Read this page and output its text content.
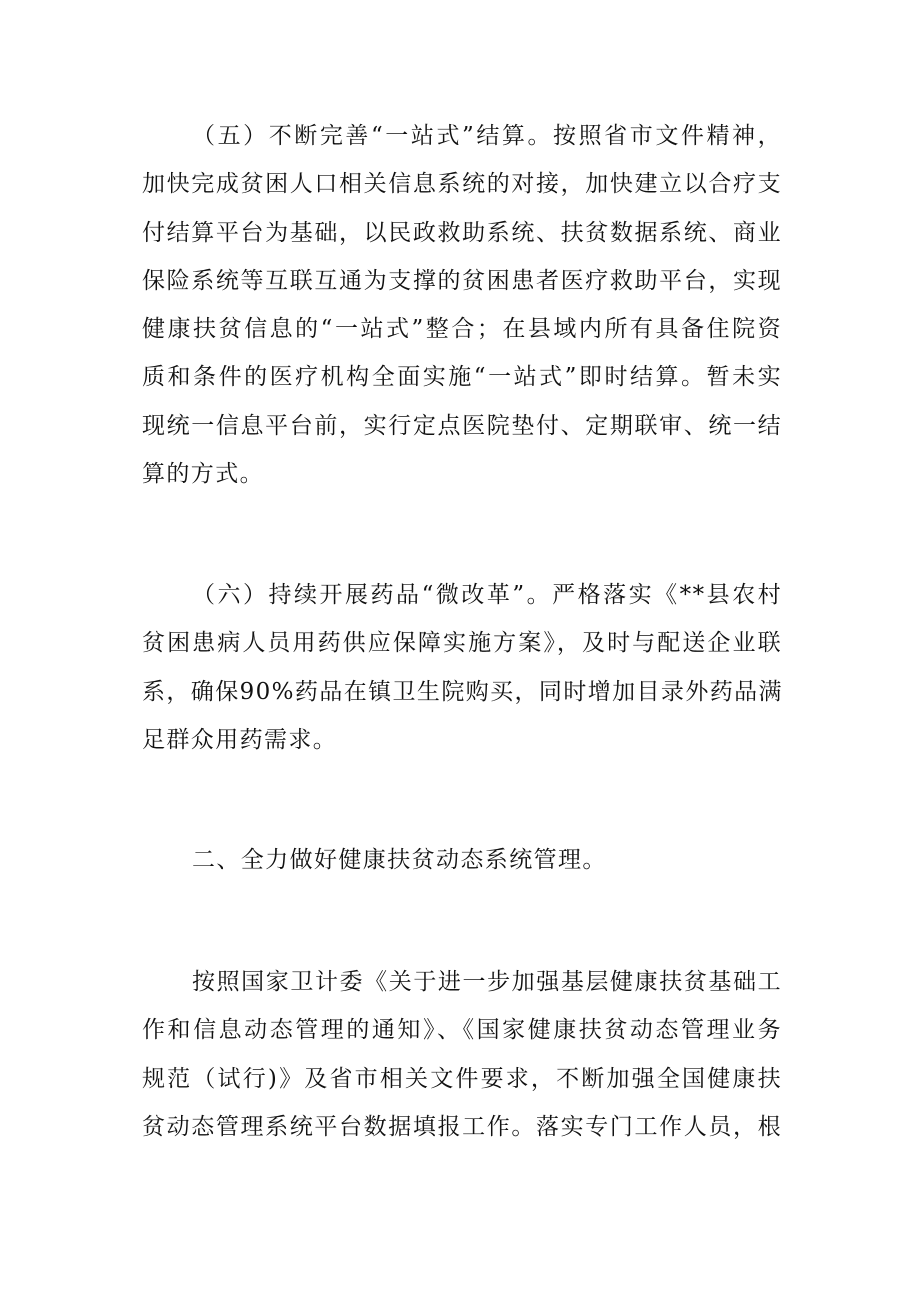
（五）不断完善“一站式”结算。按照省市文件精神，
加快完成贫困人口相关信息系统的对接，加快建立以合疗支
付结算平台为基础，以民政救助系统、扶贫数据系统、商业
保险系统等互联互通为支撑的贫困患者医疗救助平台，实现
健康扶贫信息的“一站式”整合；在县域内所有具备住院资
质和条件的医疗机构全面实施“一站式”即时结算。暂未实
现统一信息平台前，实行定点医院垫付、定期联审、统一结
算的方式。
（六）持续开展药品“微改革”。严格落实《**县农村
贫困患病人员用药供应保障实施方案》，及时与配送企业联
系，确保90%药品在镇卫生院购买，同时增加目录外药品满
足群众用药需求。
二、全力做好健康扶贫动态系统管理。
按照国家卫计委《关于进一步加强基层健康扶贫基础工
作和信息动态管理的通知》、《国家健康扶贫动态管理业务
规范（试行)》及省市相关文件要求，不断加强全国健康扶
贫动态管理系统平台数据填报工作。落实专门工作人员，根
